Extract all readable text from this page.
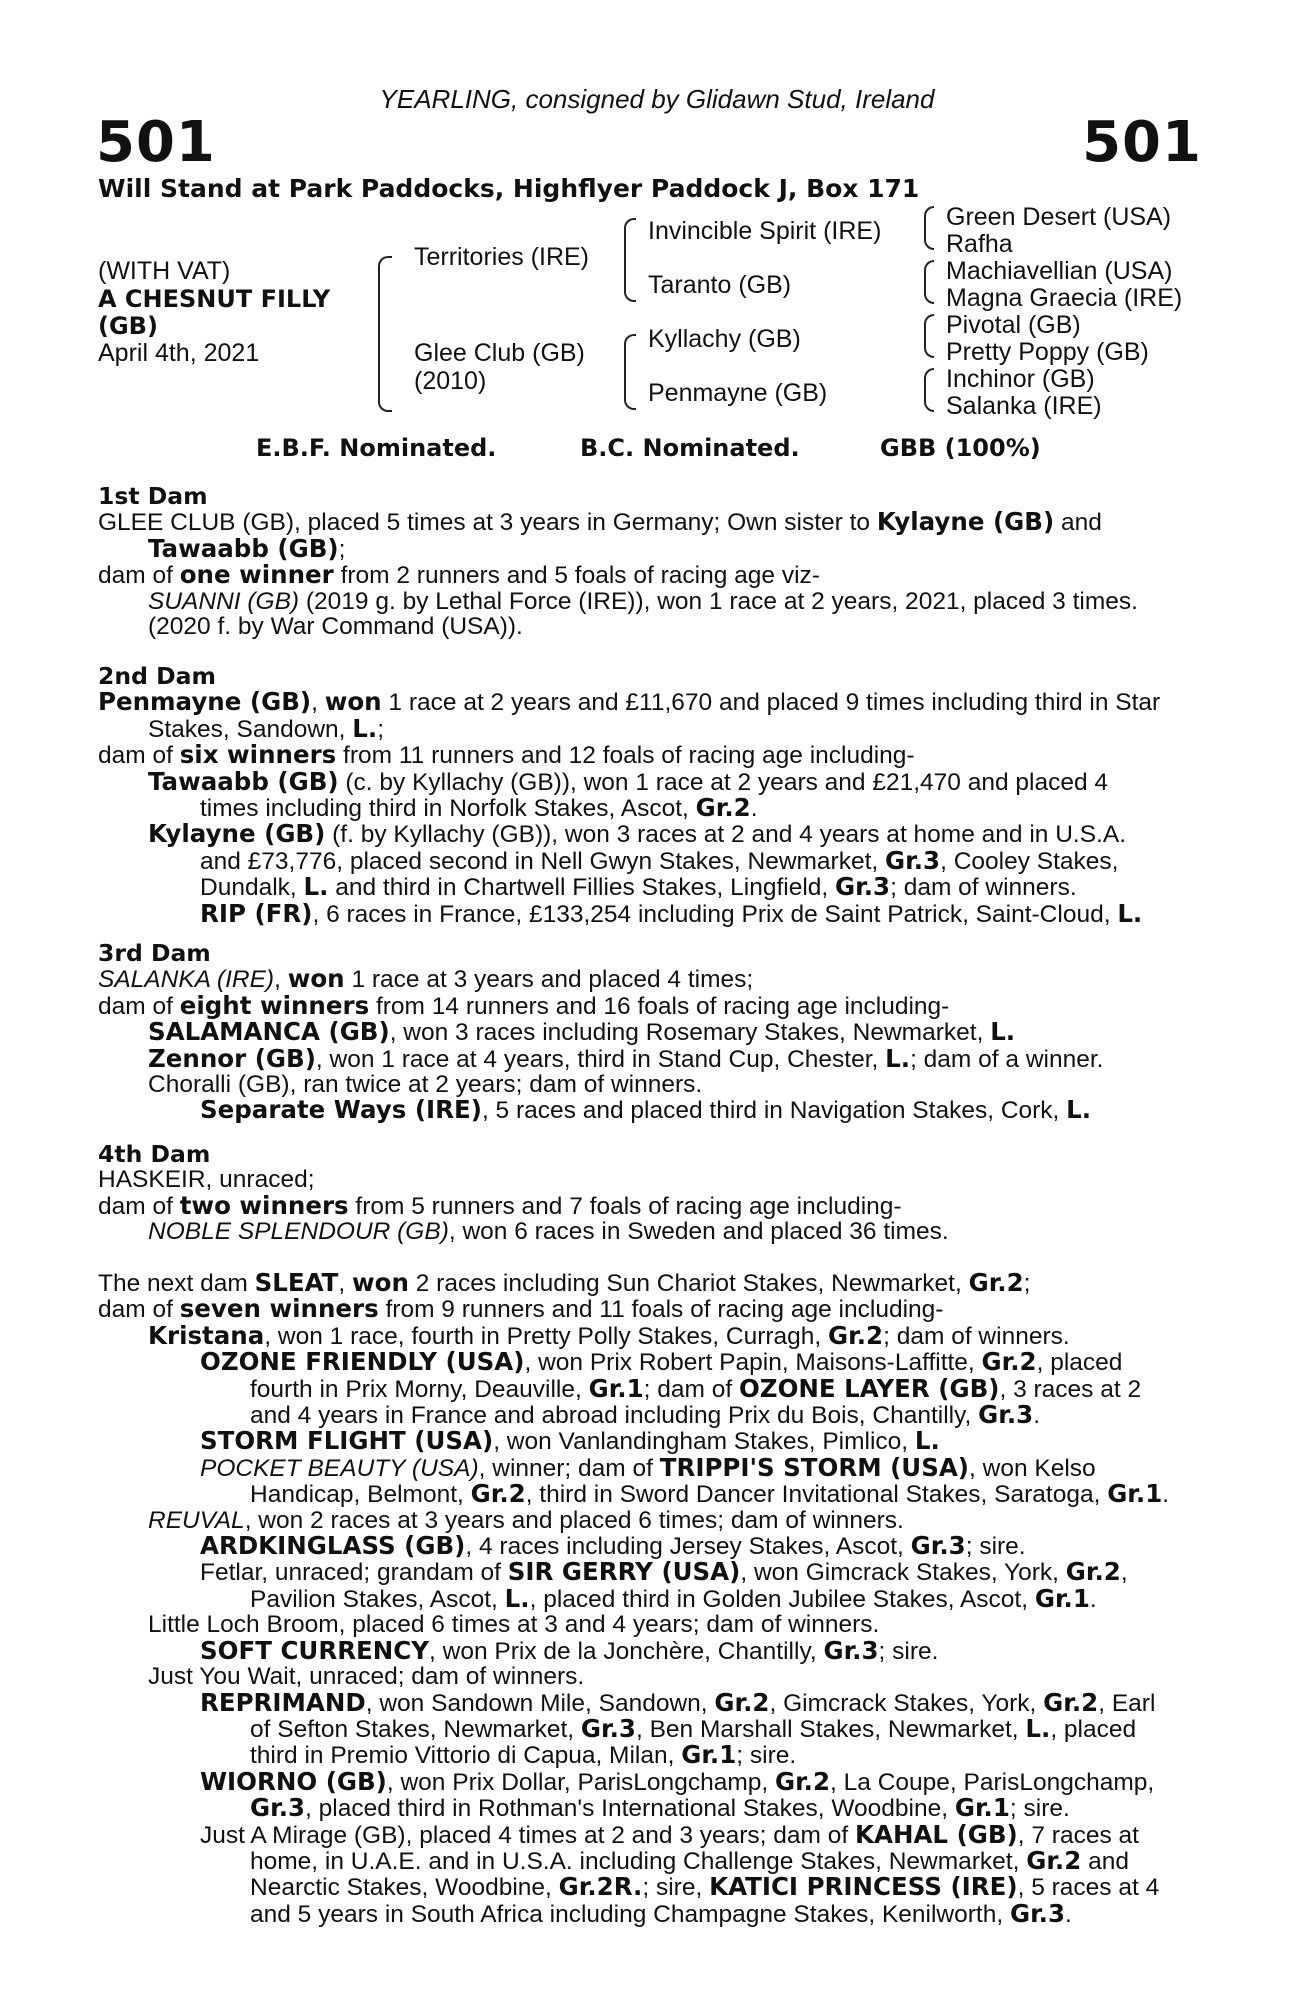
YEARLING, consigned by Glidawn Stud, Ireland
501	501
Will Stand at Park Paddocks, Highflyer Paddock J, Box 171
(WITH VAT)
A CHESNUT FILLY
(GB)
April 4th, 2021
Territories (IRE)
Glee Club (GB)
(2010)
Invincible Spirit (IRE)
Taranto (GB)
Kyllachy (GB)
Penmayne (GB)
Green Desert (USA)
Rafha
Machiavellian (USA)
Magna Graecia (IRE)
Pivotal (GB)
Pretty Poppy (GB)
Inchinor (GB)
Salanka (IRE)
E.B.F. Nominated.	B.C. Nominated.	GBB (100%)
1st Dam
GLEE CLUB (GB), placed 5 times at 3 years in Germany; Own sister to Kylayne (GB) and
Tawaabb (GB);
dam of one winner from 2 runners and 5 foals of racing age viz-
SUANNI (GB) (2019 g. by Lethal Force (IRE)), won 1 race at 2 years, 2021, placed 3 times.
(2020 f. by War Command (USA)).
2nd Dam
Penmayne (GB), won 1 race at 2 years and £11,670 and placed 9 times including third in Star
Stakes, Sandown, L.;
dam of six winners from 11 runners and 12 foals of racing age including-
Tawaabb (GB) (c. by Kyllachy (GB)), won 1 race at 2 years and £21,470 and placed 4
times including third in Norfolk Stakes, Ascot, Gr.2.
Kylayne (GB) (f. by Kyllachy (GB)), won 3 races at 2 and 4 years at home and in U.S.A.
and £73,776, placed second in Nell Gwyn Stakes, Newmarket, Gr.3, Cooley Stakes,
Dundalk, L. and third in Chartwell Fillies Stakes, Lingfield, Gr.3; dam of winners.
RIP (FR), 6 races in France, £133,254 including Prix de Saint Patrick, Saint-Cloud, L.
3rd Dam
SALANKA (IRE), won 1 race at 3 years and placed 4 times;
dam of eight winners from 14 runners and 16 foals of racing age including-
SALAMANCA (GB), won 3 races including Rosemary Stakes, Newmarket, L.
Zennor (GB), won 1 race at 4 years, third in Stand Cup, Chester, L.; dam of a winner.
Choralli (GB), ran twice at 2 years; dam of winners.
Separate Ways (IRE), 5 races and placed third in Navigation Stakes, Cork, L.
4th Dam
HASKEIR, unraced;
dam of two winners from 5 runners and 7 foals of racing age including-
NOBLE SPLENDOUR (GB), won 6 races in Sweden and placed 36 times.
The next dam SLEAT, won 2 races including Sun Chariot Stakes, Newmarket, Gr.2;
dam of seven winners from 9 runners and 11 foals of racing age including-
Kristana, won 1 race, fourth in Pretty Polly Stakes, Curragh, Gr.2; dam of winners.
OZONE FRIENDLY (USA), won Prix Robert Papin, Maisons-Laffitte, Gr.2, placed
fourth in Prix Morny, Deauville, Gr.1; dam of OZONE LAYER (GB), 3 races at 2
and 4 years in France and abroad including Prix du Bois, Chantilly, Gr.3.
STORM FLIGHT (USA), won Vanlandingham Stakes, Pimlico, L.
POCKET BEAUTY (USA), winner; dam of TRIPPI'S STORM (USA), won Kelso
Handicap, Belmont, Gr.2, third in Sword Dancer Invitational Stakes, Saratoga, Gr.1.
REUVAL, won 2 races at 3 years and placed 6 times; dam of winners.
ARDKINGLASS (GB), 4 races including Jersey Stakes, Ascot, Gr.3; sire.
Fetlar, unraced; grandam of SIR GERRY (USA), won Gimcrack Stakes, York, Gr.2,
Pavilion Stakes, Ascot, L., placed third in Golden Jubilee Stakes, Ascot, Gr.1.
Little Loch Broom, placed 6 times at 3 and 4 years; dam of winners.
SOFT CURRENCY, won Prix de la Jonchère, Chantilly, Gr.3; sire.
Just You Wait, unraced; dam of winners.
REPRIMAND, won Sandown Mile, Sandown, Gr.2, Gimcrack Stakes, York, Gr.2, Earl
of Sefton Stakes, Newmarket, Gr.3, Ben Marshall Stakes, Newmarket, L., placed
third in Premio Vittorio di Capua, Milan, Gr.1; sire.
WIORNO (GB), won Prix Dollar, ParisLongchamp, Gr.2, La Coupe, ParisLongchamp,
Gr.3, placed third in Rothman's International Stakes, Woodbine, Gr.1; sire.
Just A Mirage (GB), placed 4 times at 2 and 3 years; dam of KAHAL (GB), 7 races at
home, in U.A.E. and in U.S.A. including Challenge Stakes, Newmarket, Gr.2 and
Nearctic Stakes, Woodbine, Gr.2R.; sire, KATICI PRINCESS (IRE), 5 races at 4
and 5 years in South Africa including Champagne Stakes, Kenilworth, Gr.3.
